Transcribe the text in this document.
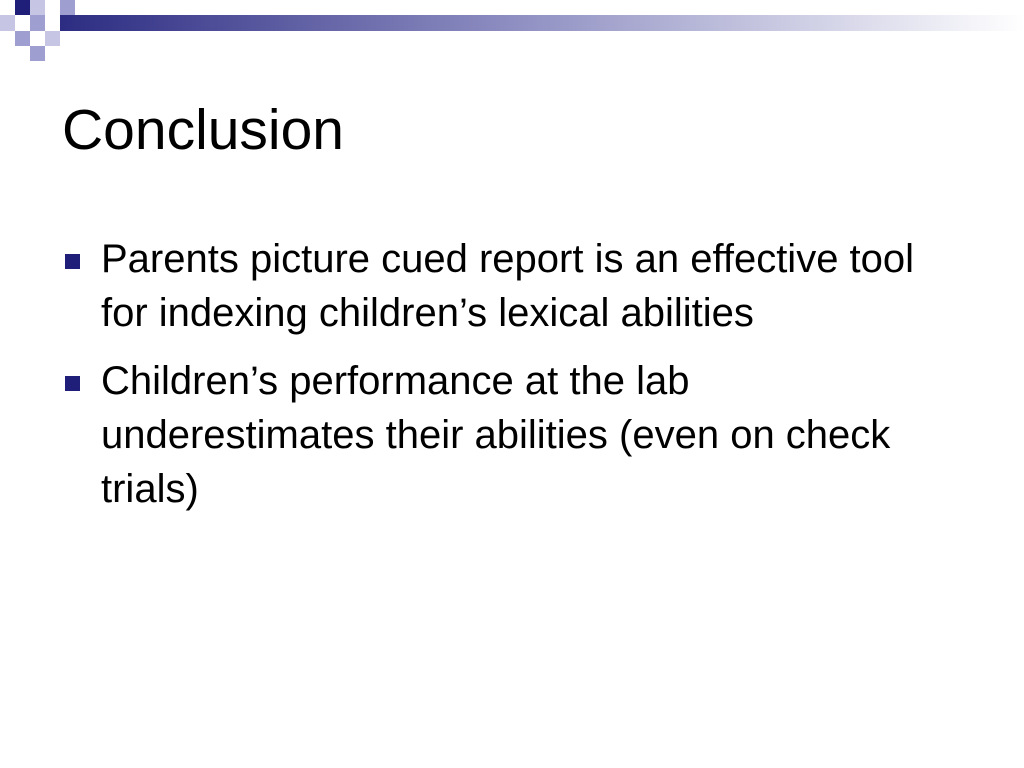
Conclusion
Parents picture cued report is an effective tool for indexing children’s lexical abilities
Children’s performance at the lab underestimates their abilities (even on check trials)
